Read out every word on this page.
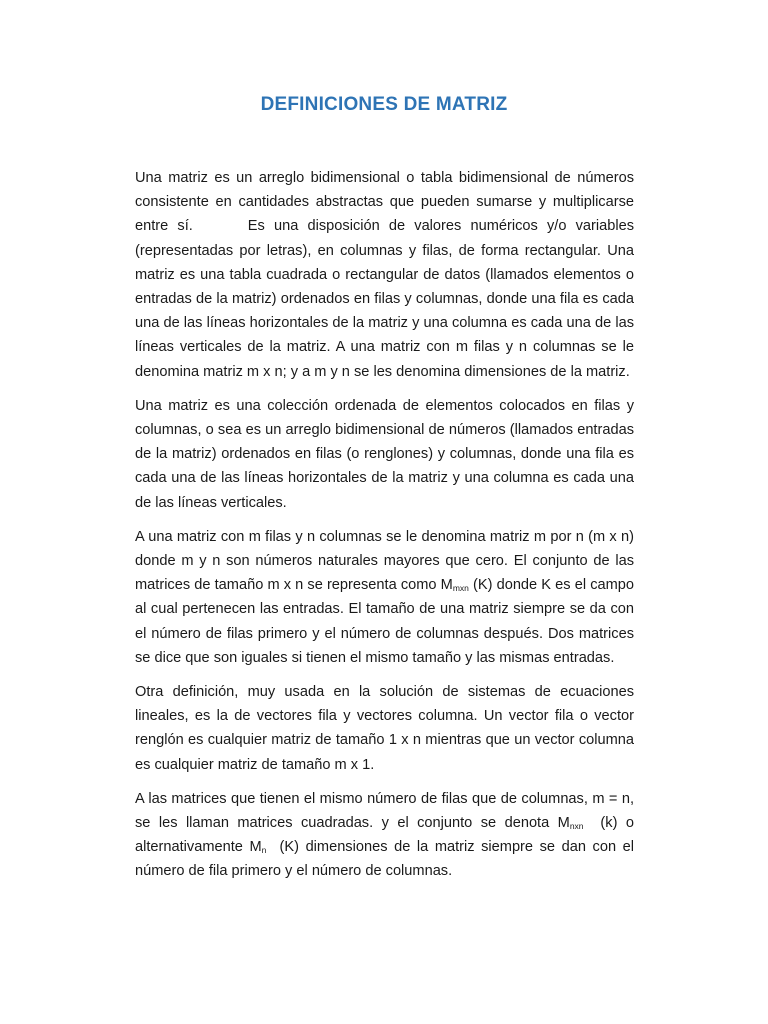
DEFINICIONES DE MATRIZ

Una matriz es un arreglo bidimensional o tabla bidimensional de números consistente en cantidades abstractas que pueden sumarse y multiplicarse entre sí.      Es una disposición de valores numéricos y/o variables (representadas por letras), en columnas y filas, de forma rectangular. Una matriz es una tabla cuadrada o rectangular de datos (llamados elementos o entradas de la matriz) ordenados en filas y columnas, donde una fila es cada una de las líneas horizontales de la matriz y una columna es cada una de las líneas verticales de la matriz. A una matriz con m filas y n columnas se le denomina matriz m x n; y a m y n se les denomina dimensiones de la matriz.

Una matriz es una colección ordenada de elementos colocados en filas y columnas, o sea es un arreglo bidimensional de números (llamados entradas de la matriz) ordenados en filas (o renglones) y columnas, donde una fila es cada una de las líneas horizontales de la matriz y una columna es cada una de las líneas verticales.

A una matriz con m filas y n columnas se le denomina matriz m por n (m x n) donde m y n son números naturales mayores que cero. El conjunto de las matrices de tamaño m x n se representa como $M_{mxn}$ (K) donde K es el campo al cual pertenecen las entradas. El tamaño de una matriz siempre se da con el número de filas primero y el número de columnas después. Dos matrices se dice que son iguales si tienen el mismo tamaño y las mismas entradas.

Otra definición, muy usada en la solución de sistemas de ecuaciones lineales, es la de vectores fila y vectores columna. Un vector fila o vector renglón es cualquier matriz de tamaño 1 x n mientras que un vector columna es cualquier matriz de tamaño m x 1.

A las matrices que tienen el mismo número de filas que de columnas, m = n, se les llaman matrices cuadradas. y el conjunto se denota $M_{nxn}$  (k) o alternativamente $M_n$  (K) dimensiones de la matriz siempre se dan con el número de fila primero y el número de columnas.
